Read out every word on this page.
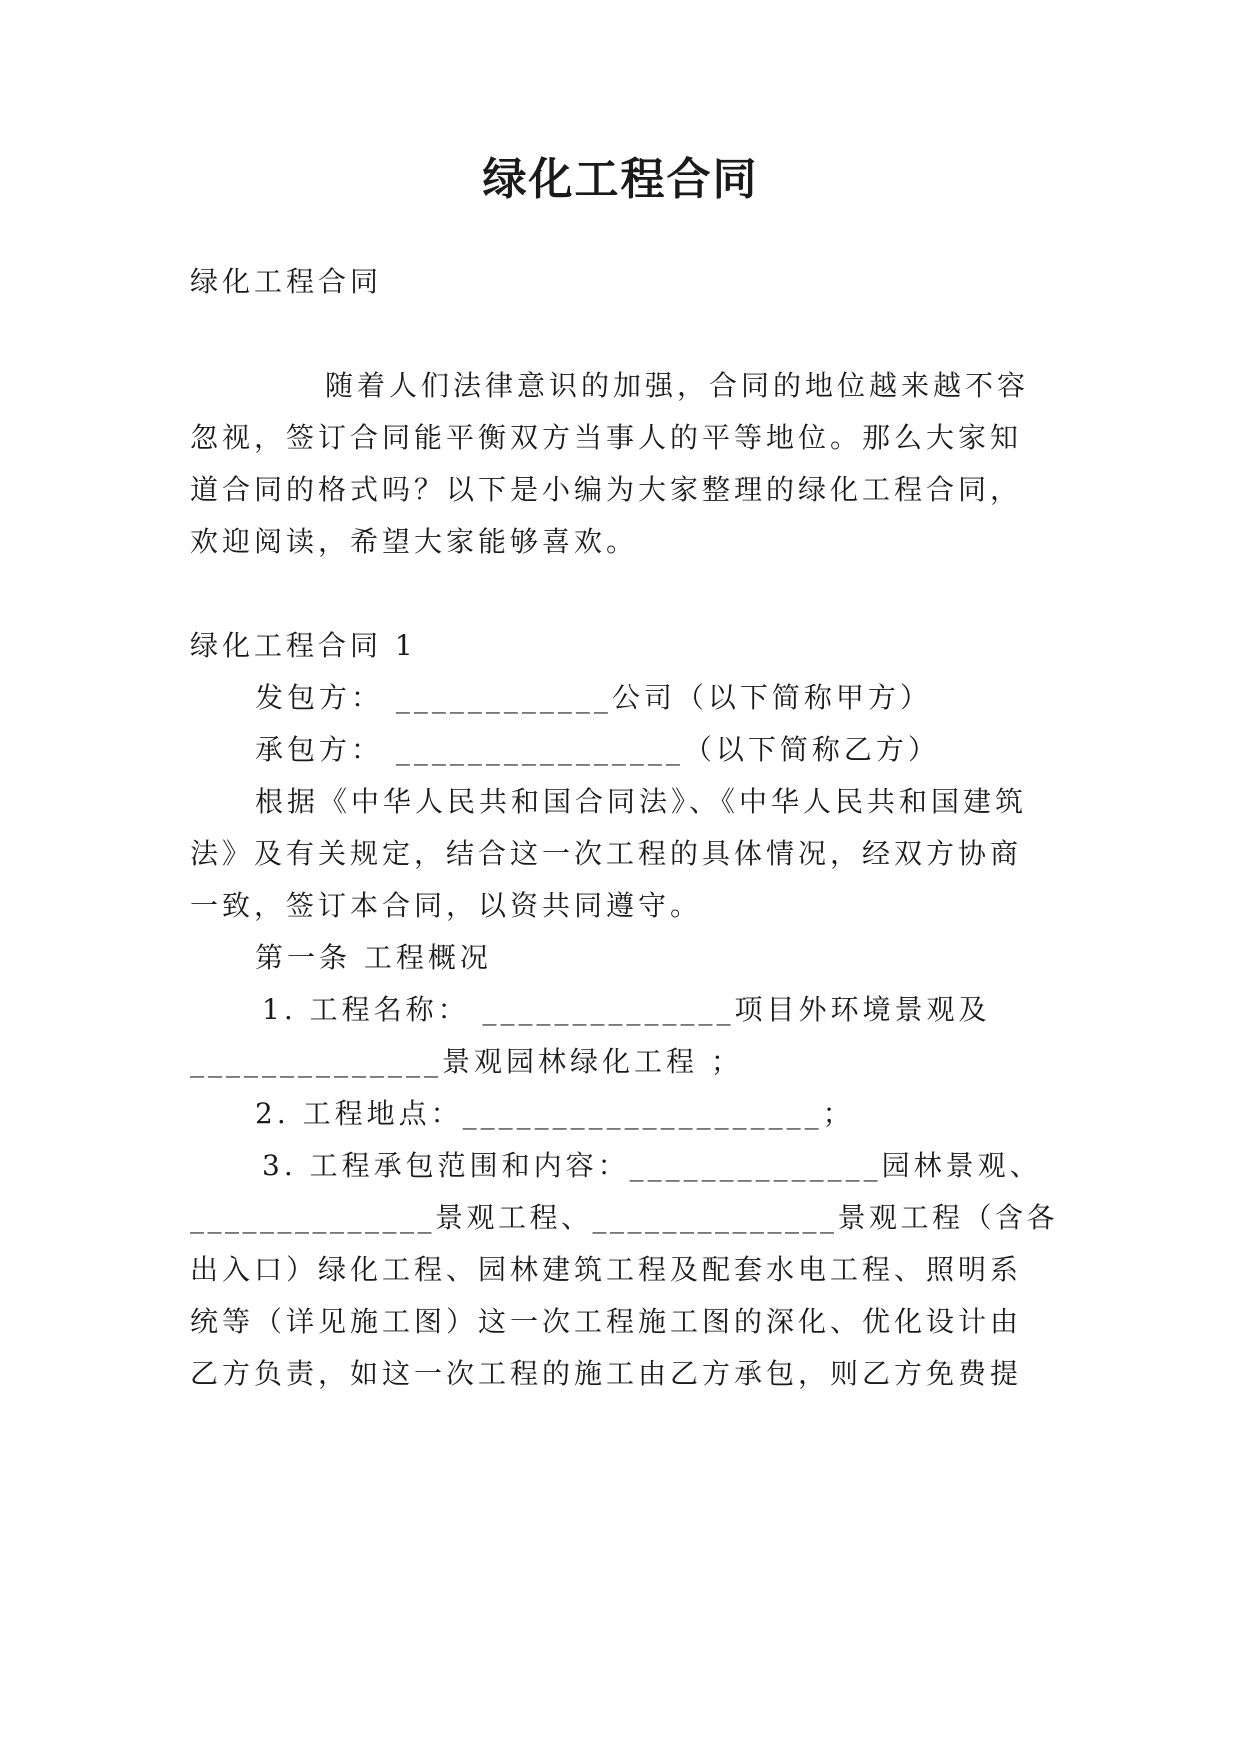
绿化工程合同
绿化工程合同
随着人们法律意识的加强，合同的地位越来越不容
忽视，签订合同能平衡双方当事人的平等地位。那么大家知
道合同的格式吗？以下是小编为大家整理的绿化工程合同，
欢迎阅读，希望大家能够喜欢。
绿化工程合同 1
发包方： ____________公司（以下简称甲方）
承包方： ________________（以下简称乙方）
根据《中华人民共和国合同法》、《中华人民共和国建筑
法》及有关规定，结合这一次工程的具体情况，经双方协商
一致，签订本合同，以资共同遵守。
第一条 工程概况
1. 工程名称： ______________项目外环境景观及
______________景观园林绿化工程 ；
2. 工程地点：____________________；
3. 工程承包范围和内容：______________园林景观、
______________景观工程、______________景观工程（含各
出入口）绿化工程、园林建筑工程及配套水电工程、照明系
统等（详见施工图）这一次工程施工图的深化、优化设计由
乙方负责，如这一次工程的施工由乙方承包，则乙方免费提
